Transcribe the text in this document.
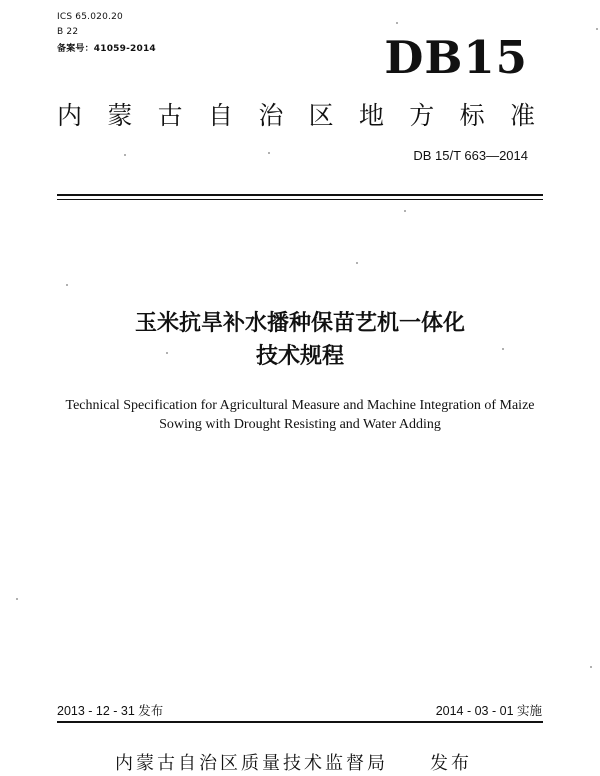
ICS 65.020.20
B 22
备案号：41059-2014	DB15
内 蒙 古 自 治 区 地 方 标 准
DB 15/T 663—2014
玉米抗旱补水播种保苗艺机一体化
技术规程
Technical Specification for Agricultural Measure and Machine Integration of Maize
Sowing with Drought Resisting and Water Adding
2013 - 12 - 31 发布	2014 - 03 - 01 实施
内蒙古自治区质量技术监督局　　发布
